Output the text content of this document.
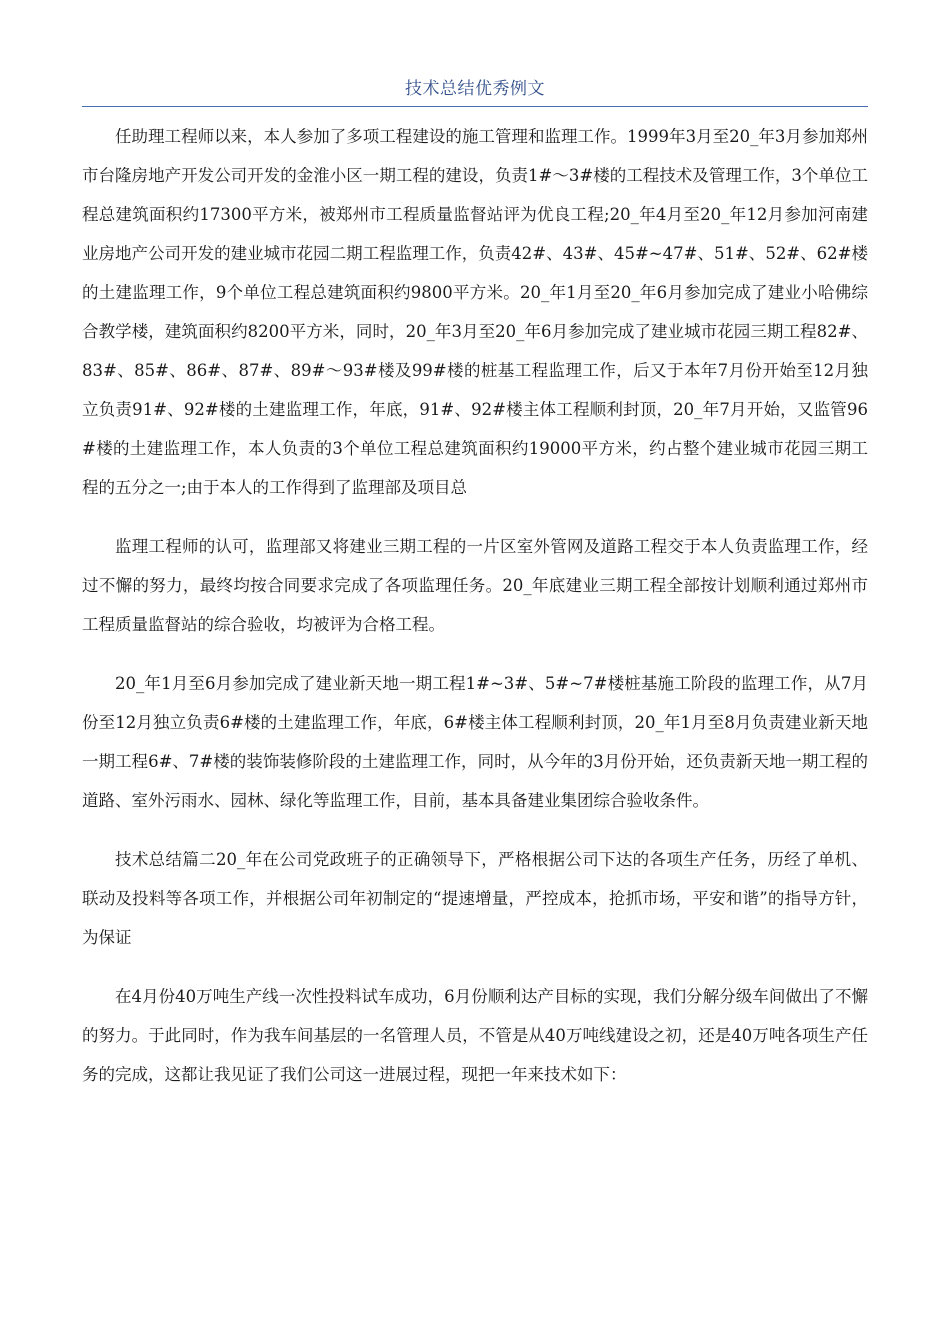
技术总结优秀例文

任助理工程师以来，本人参加了多项工程建设的施工管理和监理工作。1999年3月至20_年3月参加郑州市台隆房地产开发公司开发的金淮小区一期工程的建设，负责1#～3#楼的工程技术及管理工作，3个单位工程总建筑面积约17300平方米，被郑州市工程质量监督站评为优良工程;20_年4月至20_年12月参加河南建业房地产公司开发的建业城市花园二期工程监理工作，负责42#、43#、45#~47#、51#、52#、62#楼的土建监理工作，9个单位工程总建筑面积约9800平方米。20_年1月至20_年6月参加完成了建业小哈佛综合教学楼，建筑面积约8200平方米，同时，20_年3月至20_年6月参加完成了建业城市花园三期工程82#、83#、85#、86#、87#、89#～93#楼及99#楼的桩基工程监理工作，后又于本年7月份开始至12月独立负责91#、92#楼的土建监理工作，年底，91#、92#楼主体工程顺利封顶，20_年7月开始，又监管96#楼的土建监理工作，本人负责的3个单位工程总建筑面积约19000平方米，约占整个建业城市花园三期工程的五分之一;由于本人的工作得到了监理部及项目总

监理工程师的认可，监理部又将建业三期工程的一片区室外管网及道路工程交于本人负责监理工作，经过不懈的努力，最终均按合同要求完成了各项监理任务。20_年底建业三期工程全部按计划顺利通过郑州市工程质量监督站的综合验收，均被评为合格工程。

20_年1月至6月参加完成了建业新天地一期工程1#~3#、5#~7#楼桩基施工阶段的监理工作，从7月份至12月独立负责6#楼的土建监理工作，年底，6#楼主体工程顺利封顶，20_年1月至8月负责建业新天地一期工程6#、7#楼的装饰装修阶段的土建监理工作，同时，从今年的3月份开始，还负责新天地一期工程的道路、室外污雨水、园林、绿化等监理工作，目前，基本具备建业集团综合验收条件。

技术总结篇二20_年在公司党政班子的正确领导下，严格根据公司下达的各项生产任务，历经了单机、联动及投料等各项工作，并根据公司年初制定的“提速增量，严控成本，抢抓市场，平安和谐”的指导方针，为保证

在4月份40万吨生产线一次性投料试车成功，6月份顺利达产目标的实现，我们分解分级车间做出了不懈的努力。于此同时，作为我车间基层的一名管理人员，不管是从40万吨线建设之初，还是40万吨各项生产任务的完成，这都让我见证了我们公司这一进展过程，现把一年来技术如下：
